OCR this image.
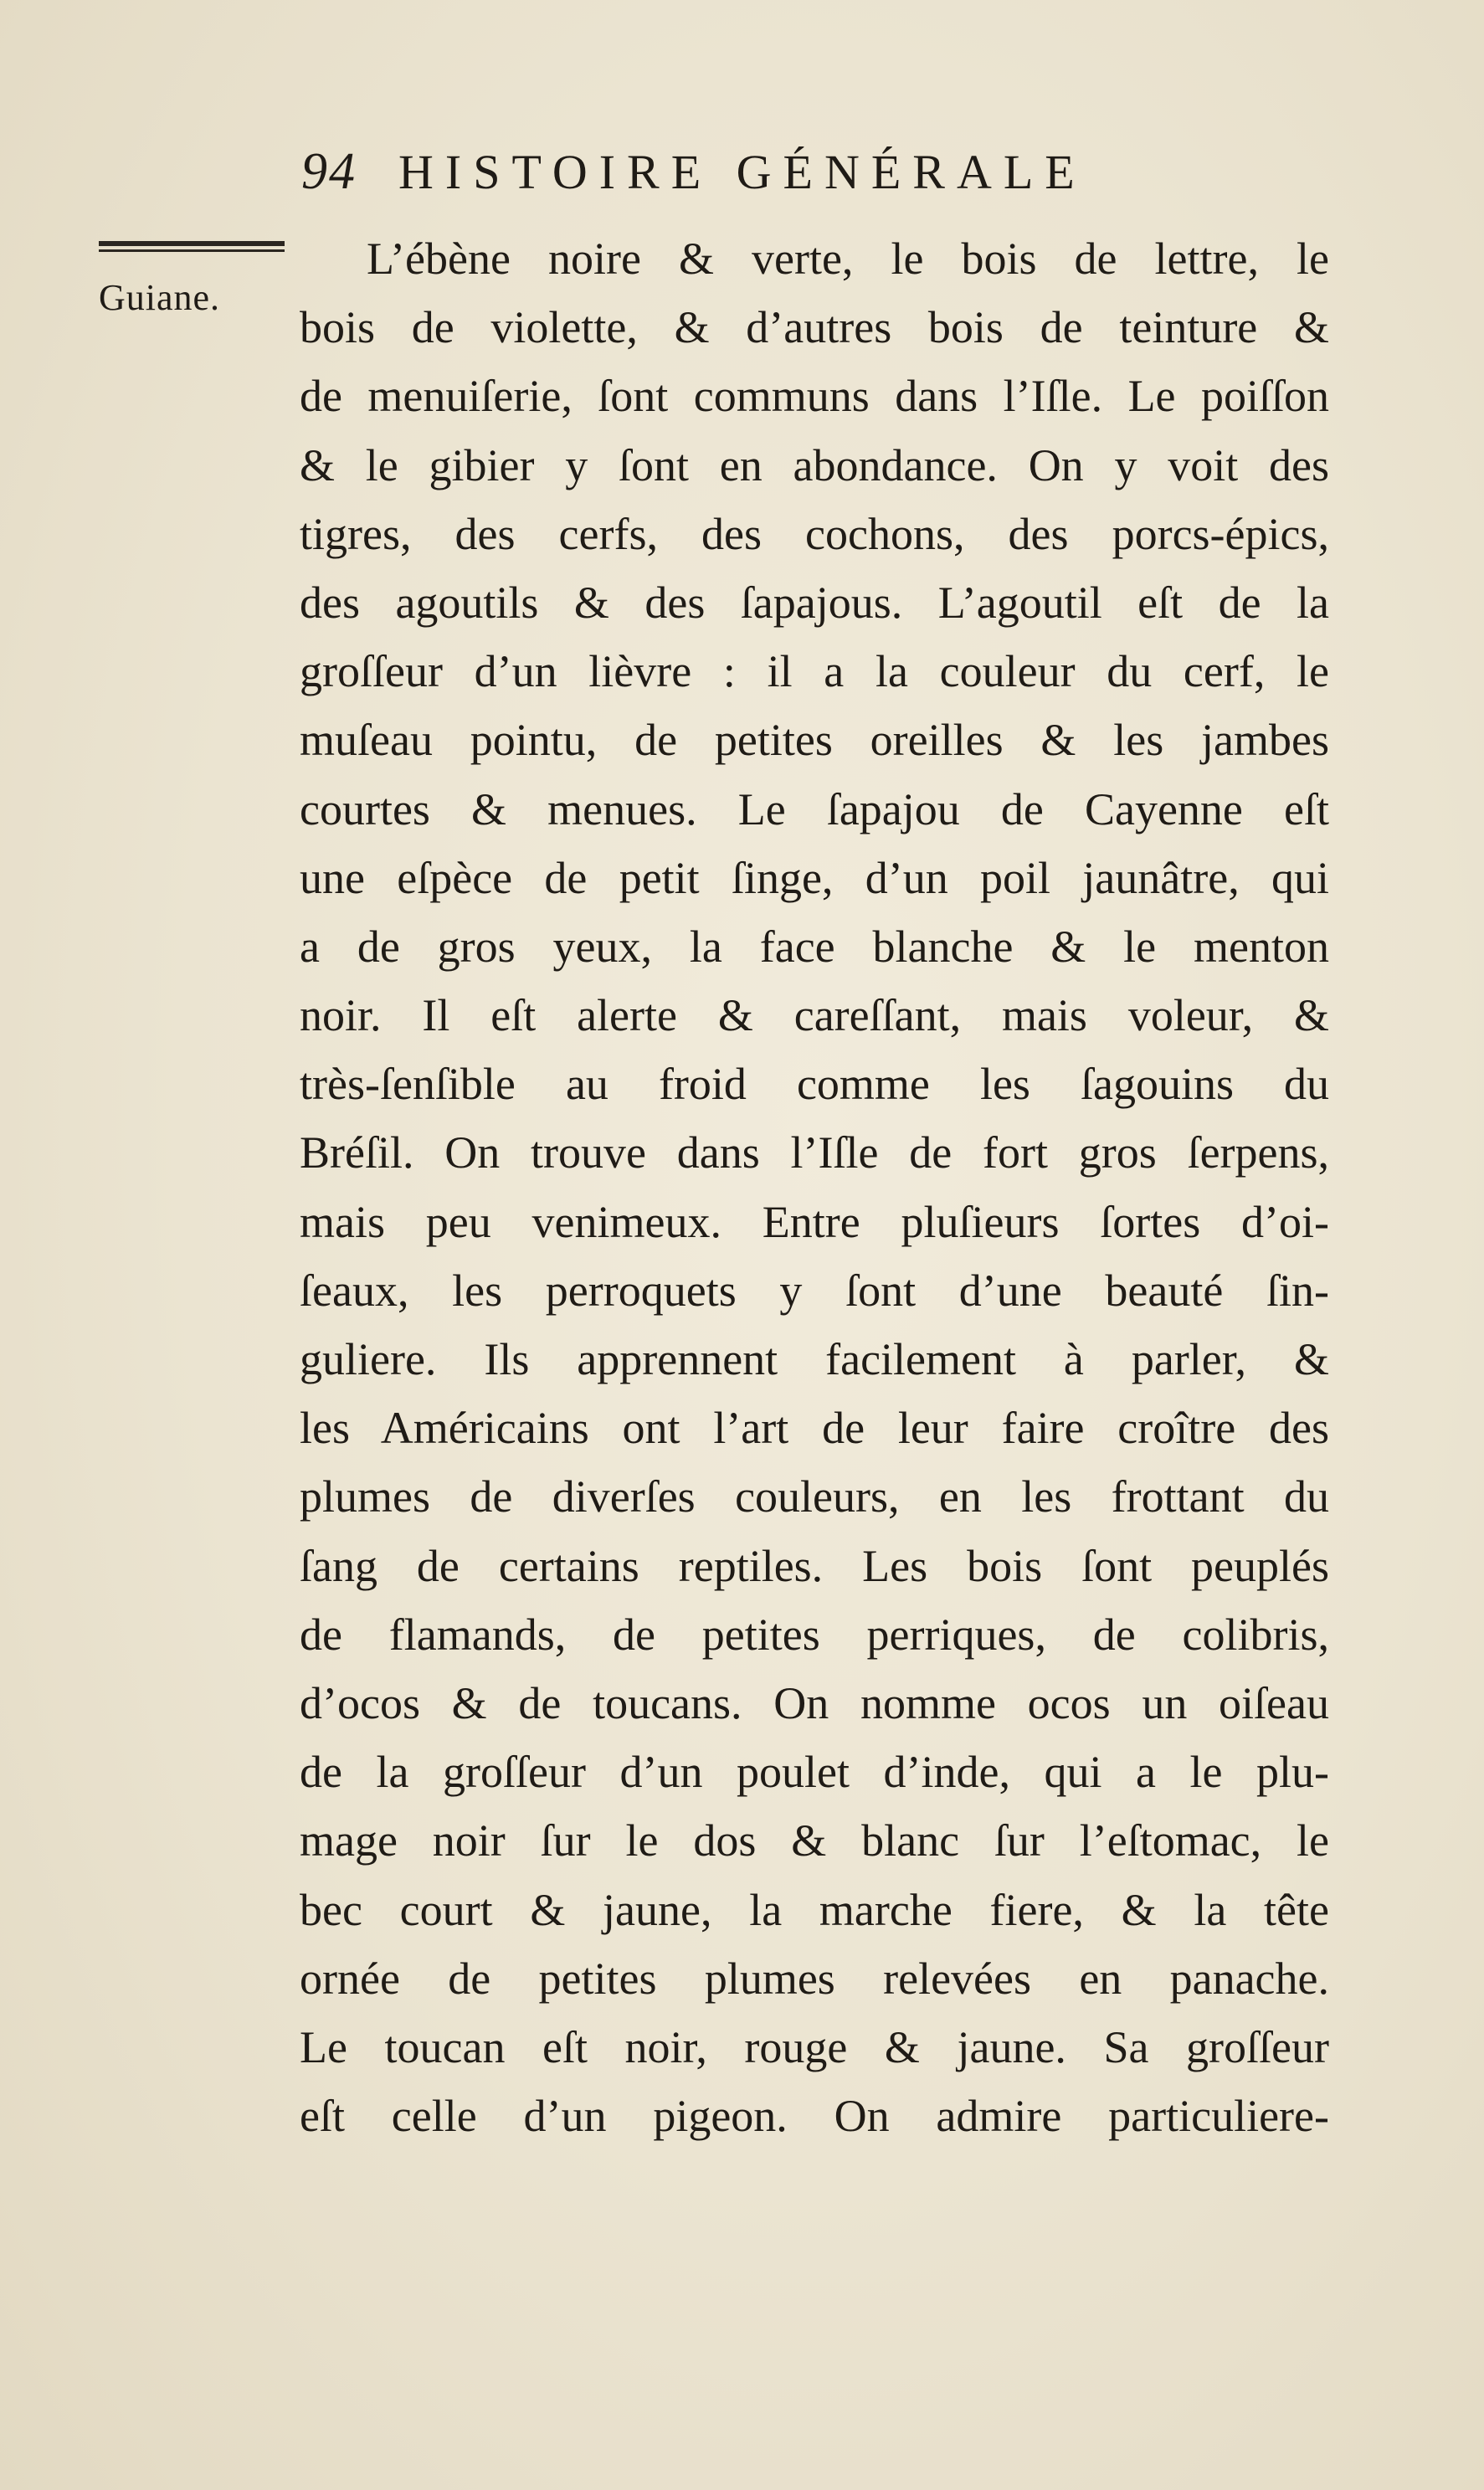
94 HISTOIRE GÉNÉRALE
Guiane.
L’ébène noire & verte, le bois de lettre, le
bois de violette, & d’autres bois de teinture &
de menuiſerie, ſont communs dans l’Iſle. Le poiſſon
& le gibier y ſont en abondance. On y voit des
tigres, des cerfs, des cochons, des porcs-épics,
des agoutils & des ſapajous. L’agoutil eſt de la
groſſeur d’un lièvre : il a la couleur du cerf, le
muſeau pointu, de petites oreilles & les jambes
courtes & menues. Le ſapajou de Cayenne eſt
une eſpèce de petit ſinge, d’un poil jaunâtre, qui
a de gros yeux, la face blanche & le menton
noir. Il eſt alerte & careſſant, mais voleur, &
très-ſenſible au froid comme les ſagouins du
Bréſil. On trouve dans l’Iſle de fort gros ſerpens,
mais peu venimeux. Entre pluſieurs ſortes d’oi-
ſeaux, les perroquets y ſont d’une beauté ſin-
guliere. Ils apprennent facilement à parler, &
les Américains ont l’art de leur faire croître des
plumes de diverſes couleurs, en les frottant du
ſang de certains reptiles. Les bois ſont peuplés
de flamands, de petites perriques, de colibris,
d’ocos & de toucans. On nomme ocos un oiſeau
de la groſſeur d’un poulet d’inde, qui a le plu-
mage noir ſur le dos & blanc ſur l’eſtomac, le
bec court & jaune, la marche fiere, & la tête
ornée de petites plumes relevées en panache.
Le toucan eſt noir, rouge & jaune. Sa groſſeur
eſt celle d’un pigeon. On admire particuliere-
